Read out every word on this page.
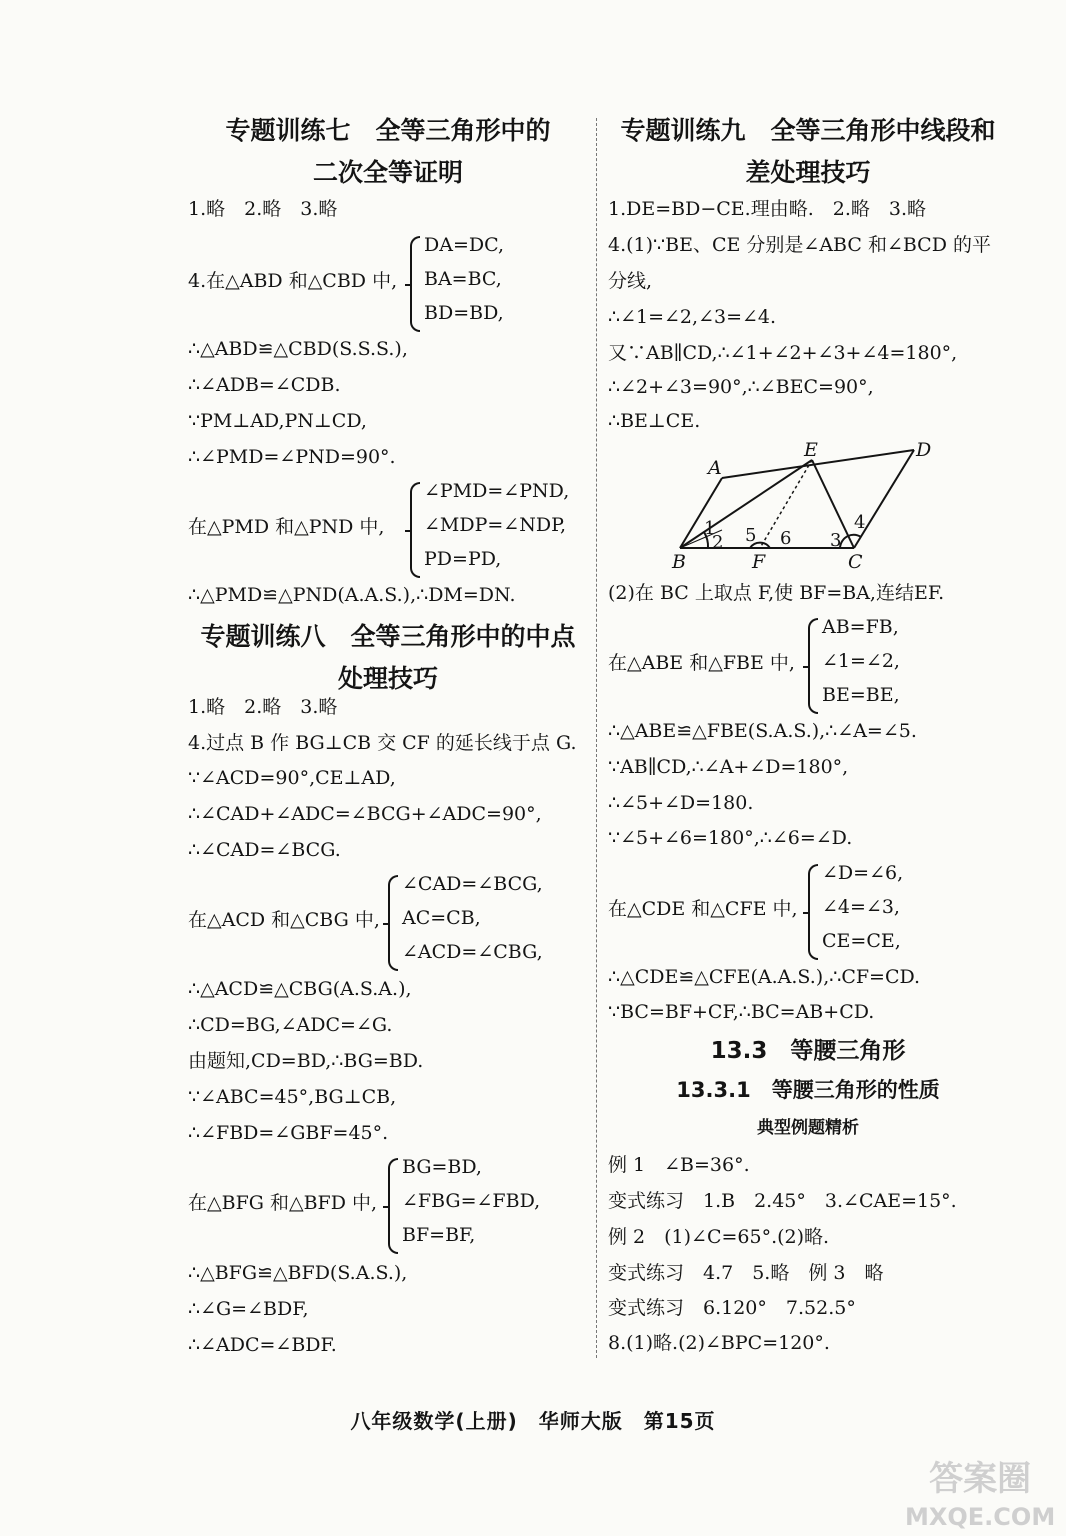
专题训练七　全等三角形中的
二次全等证明
1.略　2.略　3.略
4.在△ABD 和△CBD 中,
DA=DC,
BA=BC,
BD=BD,
∴△ABD≌△CBD(S.S.S.),
∴∠ADB=∠CDB.
∵PM⊥AD,PN⊥CD,
∴∠PMD=∠PND=90°.
在△PMD 和△PND 中,
∠PMD=∠PND,
∠MDP=∠NDP,
PD=PD,
∴△PMD≌△PND(A.A.S.),∴DM=DN.
专题训练八　全等三角形中的中点
处理技巧
1.略　2.略　3.略
4.过点 B 作 BG⊥CB 交 CF 的延长线于点 G.
∵∠ACD=90°,CE⊥AD,
∴∠CAD+∠ADC=∠BCG+∠ADC=90°,
∴∠CAD=∠BCG.
在△ACD 和△CBG 中,
∠CAD=∠BCG,
AC=CB,
∠ACD=∠CBG,
∴△ACD≌△CBG(A.S.A.),
∴CD=BG,∠ADC=∠G.
由题知,CD=BD,∴BG=BD.
∵∠ABC=45°,BG⊥CB,
∴∠FBD=∠GBF=45°.
在△BFG 和△BFD 中,
BG=BD,
∠FBG=∠FBD,
BF=BF,
∴△BFG≌△BFD(S.A.S.),
∴∠G=∠BDF,
∴∠ADC=∠BDF.
专题训练九　全等三角形中线段和
差处理技巧
1.DE=BD−CE.理由略.　2.略　3.略
4.(1)∵BE、CE 分别是∠ABC 和∠BCD 的平
分线,
∴∠1=∠2,∠3=∠4.
又∵AB∥CD,∴∠1+∠2+∠3+∠4=180°,
∴∠2+∠3=90°,∴∠BEC=90°,
∴BE⊥CE.
A
E	D
B	F	C
1
2 5 6 3
4
(2)在 BC 上取点 F,使 BF=BA,连结EF.
在△ABE 和△FBE 中,
AB=FB,
∠1=∠2,
BE=BE,
∴△ABE≌△FBE(S.A.S.),∴∠A=∠5.
∵AB∥CD,∴∠A+∠D=180°,
∴∠5+∠D=180.
∵∠5+∠6=180°,∴∠6=∠D.
在△CDE 和△CFE 中,
∠D=∠6,
∠4=∠3,
CE=CE,
∴△CDE≌△CFE(A.A.S.),∴CF=CD.
∵BC=BF+CF,∴BC=AB+CD.
13.3　等腰三角形
13.3.1　等腰三角形的性质
典型例题精析
例 1　∠B=36°.
变式练习　1.B　2.45°　3.∠CAE=15°.
例 2　(1)∠C=65°.(2)略.
变式练习　4.7　5.略　例 3　略
变式练习　6.120°　7.52.5°
8.(1)略.(2)∠BPC=120°.
八年级数学(上册)　华师大版　第15页
答案圈
MXQE.COM
